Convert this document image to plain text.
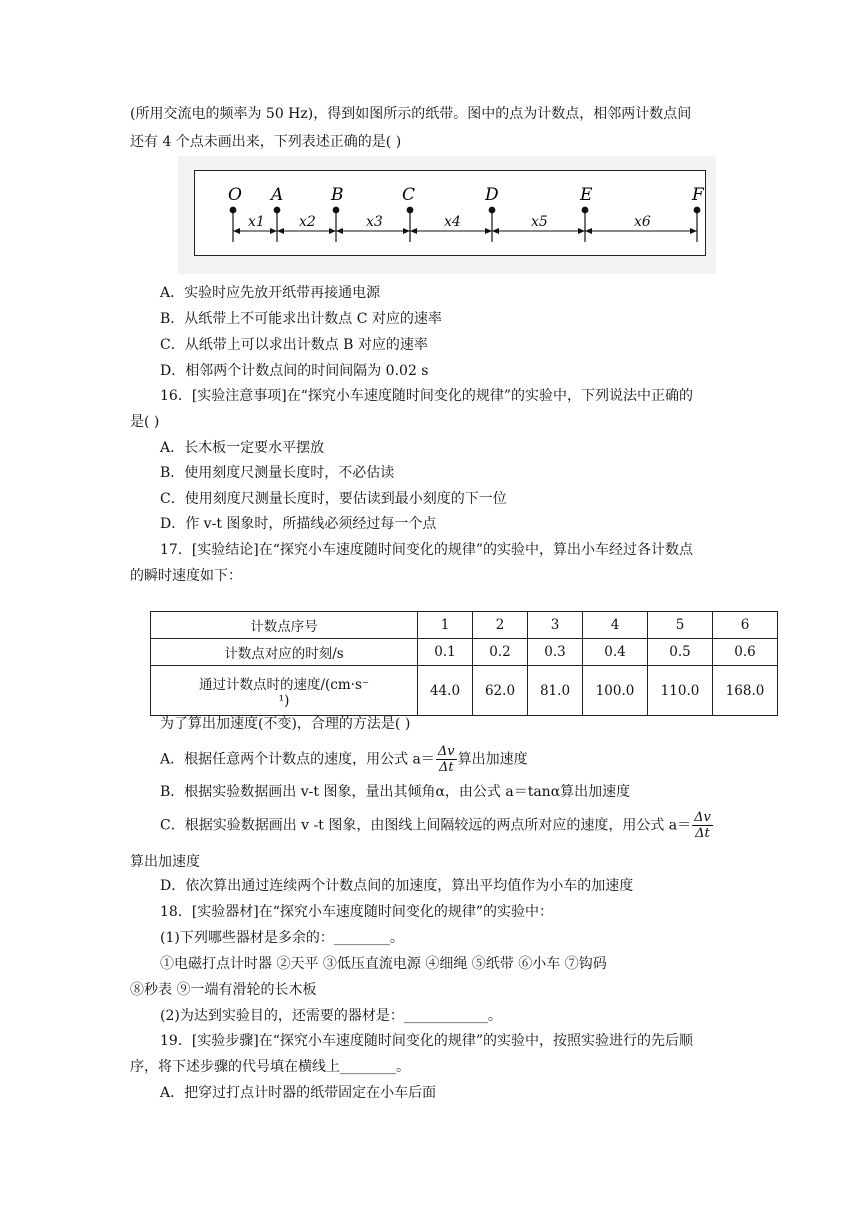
(所用交流电的频率为 50 Hz)，得到如图所示的纸带。图中的点为计数点，相邻两计数点间
还有 4 个点未画出来，下列表述正确的是( )
O A	B	C	D	E	F
x1 x2	x3	x4	x5	x6
A．实验时应先放开纸带再接通电源
B．从纸带上不可能求出计数点 C 对应的速率
C．从纸带上可以求出计数点 B 对应的速率
D．相邻两个计数点间的时间间隔为 0.02 s
16．[实验注意事项]在“探究小车速度随时间变化的规律”的实验中，下列说法中正确的
是( )
A．长木板一定要水平摆放
B．使用刻度尺测量长度时，不必估读
C．使用刻度尺测量长度时，要估读到最小刻度的下一位
D．作 v-t 图象时，所描线必须经过每一个点
17．[实验结论]在“探究小车速度随时间变化的规律”的实验中，算出小车经过各计数点
的瞬时速度如下：
计数点序号	1	2	3	4	5	6
计数点对应的时刻/s	0.1	0.2	0.3	0.4	0.5	0.6

通过计数点时的速度/(cm·s⁻
¹)	44.0	62.0	81.0	100.0	110.0	168.0
为了算出加速度(不变)，合理的方法是( )
A．根据任意两个计数点的速度，用公式 $a= \frac{\Delta v}{\Delta t}$ 算出加速度
B．根据实验数据画出 v-t 图象，量出其倾角α，由公式 a＝tanα算出加速度
C．根据实验数据画出 v -t 图象，由图线上间隔较远的两点所对应的速度，用公式 $a= \frac{\Delta v}{\Delta t}$
算出加速度
D．依次算出通过连续两个计数点间的加速度，算出平均值作为小车的加速度
18．[实验器材]在“探究小车速度随时间变化的规律”的实验中：
(1)下列哪些器材是多余的：________。
①电磁打点计时器 ②天平 ③低压直流电源 ④细绳 ⑤纸带 ⑥小车 ⑦钩码
⑧秒表 ⑨一端有滑轮的长木板
(2)为达到实验目的，还需要的器材是：____________。
19．[实验步骤]在“探究小车速度随时间变化的规律”的实验中，按照实验进行的先后顺
序，将下述步骤的代号填在横线上________。
A．把穿过打点计时器的纸带固定在小车后面
